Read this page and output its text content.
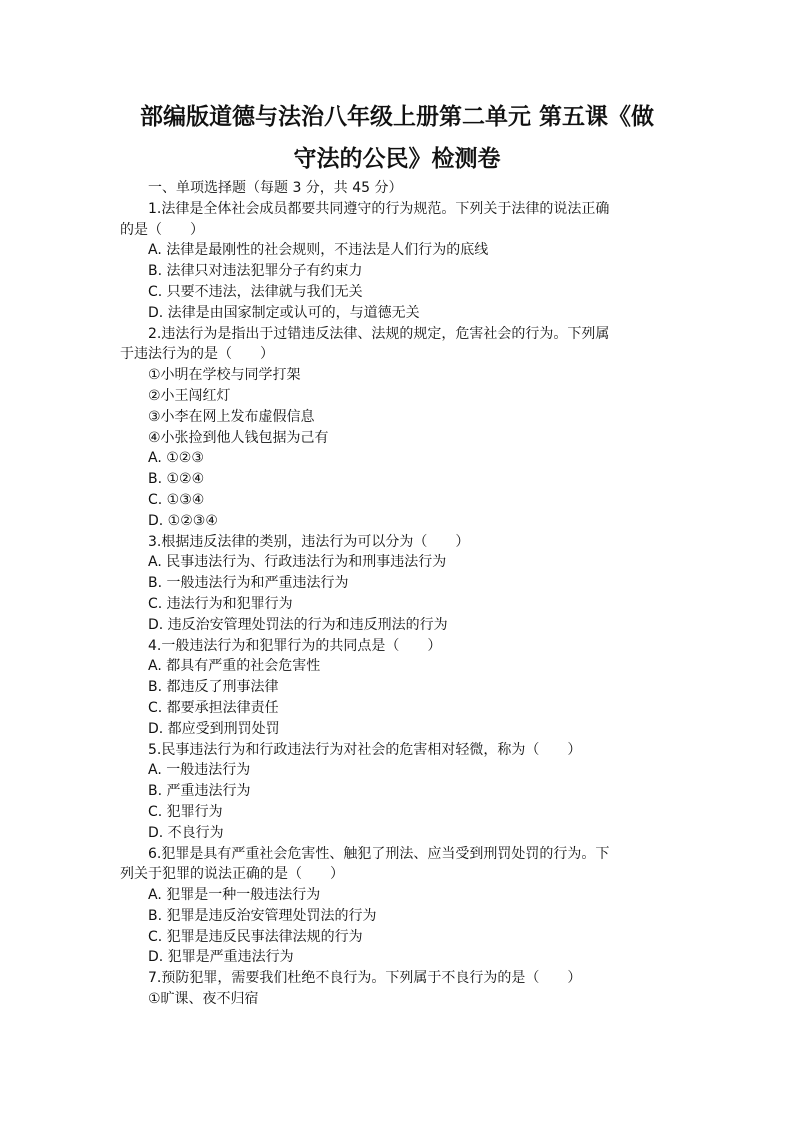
部编版道德与法治八年级上册第二单元 第五课《做
守法的公民》检测卷
一、单项选择题（每题 3 分，共 45 分）
1.法律是全体社会成员都要共同遵守的行为规范。下列关于法律的说法正确
的是（　　）
A. 法律是最刚性的社会规则，不违法是人们行为的底线
B. 法律只对违法犯罪分子有约束力
C. 只要不违法，法律就与我们无关
D. 法律是由国家制定或认可的，与道德无关
2.违法行为是指出于过错违反法律、法规的规定，危害社会的行为。下列属
于违法行为的是（　　）
①小明在学校与同学打架
②小王闯红灯
③小李在网上发布虚假信息
④小张捡到他人钱包据为己有
A. ①②③
B. ①②④
C. ①③④
D. ①②③④
3.根据违反法律的类别，违法行为可以分为（　　）
A. 民事违法行为、行政违法行为和刑事违法行为
B. 一般违法行为和严重违法行为
C. 违法行为和犯罪行为
D. 违反治安管理处罚法的行为和违反刑法的行为
4.一般违法行为和犯罪行为的共同点是（　　）
A. 都具有严重的社会危害性
B. 都违反了刑事法律
C. 都要承担法律责任
D. 都应受到刑罚处罚
5.民事违法行为和行政违法行为对社会的危害相对轻微，称为（　　）
A. 一般违法行为
B. 严重违法行为
C. 犯罪行为
D. 不良行为
6.犯罪是具有严重社会危害性、触犯了刑法、应当受到刑罚处罚的行为。下
列关于犯罪的说法正确的是（　　）
A. 犯罪是一种一般违法行为
B. 犯罪是违反治安管理处罚法的行为
C. 犯罪是违反民事法律法规的行为
D. 犯罪是严重违法行为
7.预防犯罪，需要我们杜绝不良行为。下列属于不良行为的是（　　）
①旷课、夜不归宿
